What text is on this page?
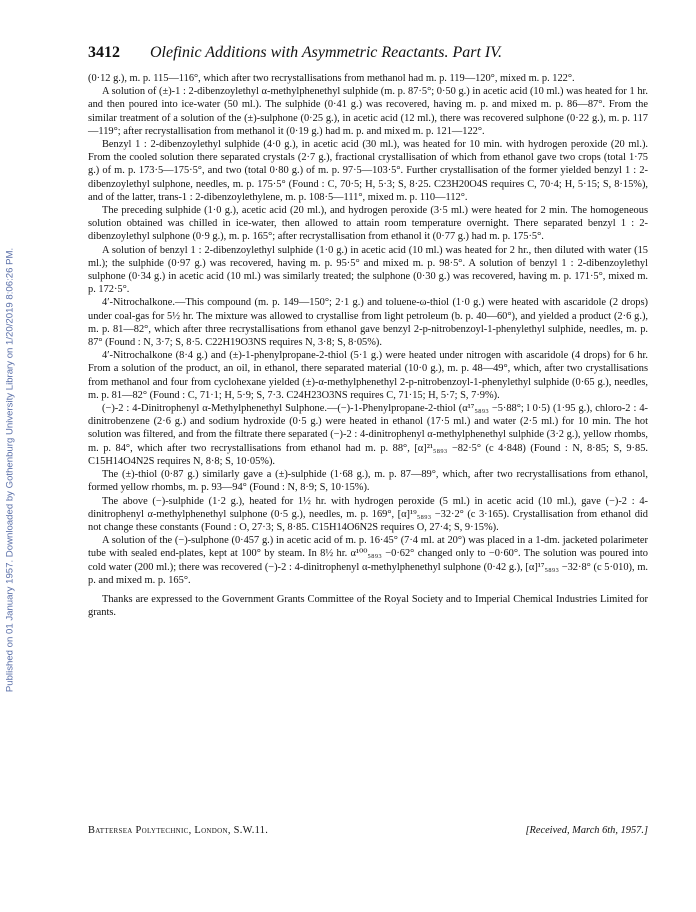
Published on 01 January 1957. Downloaded by Gothenburg University Library on 1/20/2019 8:06:26 PM.
3412 Olefinic Additions with Asymmetric Reactants. Part IV.

(0·12 g.), m. p. 115—116°, which after two recrystallisations from methanol had m. p. 119—120°, mixed m. p. 122°.

A solution of (±)-1 : 2-dibenzoylethyl α-methylphenethyl sulphide (m. p. 87·5°; 0·50 g.) in acetic acid (10 ml.) was heated for 1 hr. and then poured into ice-water (50 ml.). The sulphide (0·41 g.) was recovered, having m. p. and mixed m. p. 86—87°. From the similar treatment of a solution of the (±)-sulphone (0·25 g.), in acetic acid (12 ml.), there was recovered sulphone (0·22 g.), m. p. 117—119°; after recrystallisation from methanol it (0·19 g.) had m. p. and mixed m. p. 121—122°.

Benzyl 1 : 2-dibenzoylethyl sulphide (4·0 g.), in acetic acid (30 ml.), was heated for 10 min. with hydrogen peroxide (20 ml.). From the cooled solution there separated crystals (2·7 g.), fractional crystallisation of which from ethanol gave two crops (total 1·75 g.) of m. p. 173·5—175·5°, and two (total 0·80 g.) of m. p. 97·5—103·5°. Further crystallisation of the former yielded benzyl 1 : 2-dibenzoylethyl sulphone, needles, m. p. 175·5° (Found : C, 70·5; H, 5·3; S, 8·25. C23H20O4S requires C, 70·4; H, 5·15; S, 8·15%), and of the latter, trans-1 : 2-dibenzoylethylene, m. p. 108·5—111°, mixed m. p. 110—112°.

The preceding sulphide (1·0 g.), acetic acid (20 ml.), and hydrogen peroxide (3·5 ml.) were heated for 2 min. The homogeneous solution obtained was chilled in ice-water, then allowed to attain room temperature overnight. There separated benzyl 1 : 2-dibenzoylethyl sulphone (0·9 g.), m. p. 165°; after recrystallisation from ethanol it (0·77 g.) had m. p. 175·5°.

A solution of benzyl 1 : 2-dibenzoylethyl sulphide (1·0 g.) in acetic acid (10 ml.) was heated for 2 hr., then diluted with water (15 ml.); the sulphide (0·97 g.) was recovered, having m. p. 95·5° and mixed m. p. 98·5°. A solution of benzyl 1 : 2-dibenzoylethyl sulphone (0·34 g.) in acetic acid (10 ml.) was similarly treated; the sulphone (0·30 g.) was recovered, having m. p. 171·5°, mixed m. p. 172·5°.

4′-Nitrochalkone.—This compound (m. p. 149—150°; 2·1 g.) and toluene-ω-thiol (1·0 g.) were heated with ascaridole (2 drops) under coal-gas for 5½ hr. The mixture was allowed to crystallise from light petroleum (b. p. 40—60°), and yielded a product (2·6 g.), m. p. 81—82°, which after three recrystallisations from ethanol gave benzyl 2-p-nitrobenzoyl-1-phenylethyl sulphide, needles, m. p. 87° (Found : N, 3·7; S, 8·5. C22H19O3NS requires N, 3·8; S, 8·05%).

4′-Nitrochalkone (8·4 g.) and (±)-1-phenylpropane-2-thiol (5·1 g.) were heated under nitrogen with ascaridole (4 drops) for 6 hr. From a solution of the product, an oil, in ethanol, there separated material (10·0 g.), m. p. 48—49°, which, after two crystallisations from methanol and four from cyclohexane yielded (±)-α-methylphenethyl 2-p-nitrobenzoyl-1-phenylethyl sulphide (0·65 g.), needles, m. p. 81—82° (Found : C, 71·1; H, 5·9; S, 7·3. C24H23O3NS requires C, 71·15; H, 5·7; S, 7·9%).

(−)-2 : 4-Dinitrophenyl α-Methylphenethyl Sulphone.—(−)-1-Phenylpropane-2-thiol (α¹⁷₅₈₉₃ −5·88°; l 0·5) (1·95 g.), chloro-2 : 4-dinitrobenzene (2·6 g.) and sodium hydroxide (0·5 g.) were heated in ethanol (17·5 ml.) and water (2·5 ml.) for 10 min. The hot solution was filtered, and from the filtrate there separated (−)-2 : 4-dinitrophenyl α-methylphenethyl sulphide (3·2 g.), yellow rhombs, m. p. 84°, which after two recrystallisations from ethanol had m. p. 88°, [α]²¹₅₈₉₃ −82·5° (c 4·848) (Found : N, 8·85; S, 9·85. C15H14O4N2S requires N, 8·8; S, 10·05%).

The (±)-thiol (0·87 g.) similarly gave a (±)-sulphide (1·68 g.), m. p. 87—89°, which, after two recrystallisations from ethanol, formed yellow rhombs, m. p. 93—94° (Found : N, 8·9; S, 10·15%).

The above (−)-sulphide (1·2 g.), heated for 1½ hr. with hydrogen peroxide (5 ml.) in acetic acid (10 ml.), gave (−)-2 : 4-dinitrophenyl α-methylphenethyl sulphone (0·5 g.), needles, m. p. 169°, [α]¹⁹₅₈₉₃ −32·2° (c 3·165). Crystallisation from ethanol did not change these constants (Found : O, 27·3; S, 8·85. C15H14O6N2S requires O, 27·4; S, 9·15%).

A solution of the (−)-sulphone (0·457 g.) in acetic acid of m. p. 16·45° (7·4 ml. at 20°) was placed in a 1-dm. jacketed polarimeter tube with sealed end-plates, kept at 100° by steam. In 8½ hr. α¹⁰⁰₅₈₉₃ −0·62° changed only to −0·60°. The solution was poured into cold water (200 ml.); there was recovered (−)-2 : 4-dinitrophenyl α-methylphenethyl sulphone (0·42 g.), [α]¹⁷₅₈₉₃ −32·8° (c 5·010), m. p. and mixed m. p. 165°.

Thanks are expressed to the Government Grants Committee of the Royal Society and to Imperial Chemical Industries Limited for grants.

Battersea Polytechnic, London, S.W.11.	[Received, March 6th, 1957.]
